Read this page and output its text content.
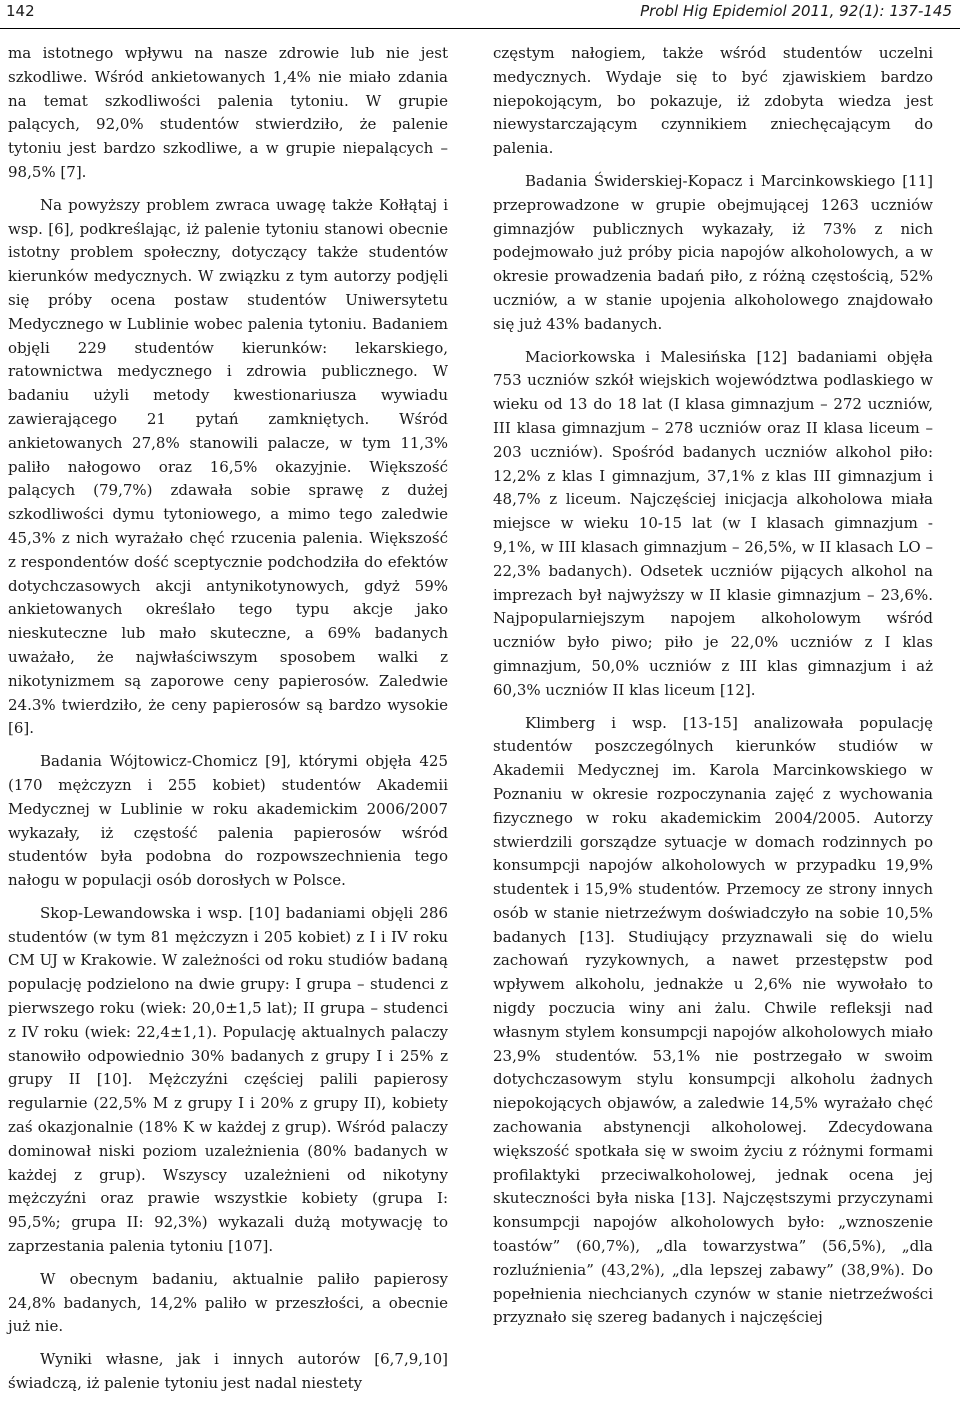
142	Probl Hig Epidemiol 2011, 92(1): 137-145

ma istotnego wpływu na nasze zdrowie lub nie jest szkodliwe. Wśród ankietowanych 1,4% nie miało zdania na temat szkodliwości palenia tytoniu. W grupie palących, 92,0% studentów stwierdziło, że palenie tytoniu jest bardzo szkodliwe, a w grupie niepalących – 98,5% [7].

Na powyższy problem zwraca uwagę także Kołłątaj i wsp. [6], podkreślając, iż palenie tytoniu stanowi obecnie istotny problem społeczny, dotyczący także studentów kierunków medycznych. W związku z tym autorzy podjęli się próby ocena postaw studentów Uniwersytetu Medycznego w Lublinie wobec palenia tytoniu. Badaniem objęli 229 studentów kierunków: lekarskiego, ratownictwa medycznego i zdrowia publicznego. W badaniu użyli metody kwestionariusza wywiadu zawierającego 21 pytań zamkniętych. Wśród ankietowanych 27,8% stanowili palacze, w tym 11,3% paliło nałogowo oraz 16,5% okazyjnie. Większość palących (79,7%) zdawała sobie sprawę z dużej szkodliwości dymu tytoniowego, a mimo tego zaledwie 45,3% z nich wyrażało chęć rzucenia palenia. Większość z respondentów dość sceptycznie podchodziła do efektów dotychczasowych akcji antynikotynowych, gdyż 59% ankietowanych określało tego typu akcje jako nieskuteczne lub mało skuteczne, a 69% badanych uważało, że najwłaściwszym sposobem walki z nikotynizmem są zaporowe ceny papierosów. Zaledwie 24.3% twierdziło, że ceny papierosów są bardzo wysokie [6].

Badania Wójtowicz-Chomicz [9], którymi objęła 425 (170 mężczyzn i 255 kobiet) studentów Akademii Medycznej w Lublinie w roku akademickim 2006/2007 wykazały, iż częstość palenia papierosów wśród studentów była podobna do rozpowszechnienia tego nałogu w populacji osób dorosłych w Polsce.

Skop-Lewandowska i wsp. [10] badaniami objęli 286 studentów (w tym 81 mężczyzn i 205 kobiet) z I i IV roku CM UJ w Krakowie. W zależności od roku studiów badaną populację podzielono na dwie grupy: I grupa – studenci z pierwszego roku (wiek: 20,0±1,5 lat); II grupa – studenci z IV roku (wiek: 22,4±1,1). Populację aktualnych palaczy stanowiło odpowiednio 30% badanych z grupy I i 25% z grupy II [10]. Mężczyźni częściej palili papierosy regularnie (22,5% M z grupy I i 20% z grupy II), kobiety zaś okazjonalnie (18% K w każdej z grup). Wśród palaczy dominował niski poziom uzależnienia (80% badanych w każdej z grup). Wszyscy uzależnieni od nikotyny mężczyźni oraz prawie wszystkie kobiety (grupa I: 95,5%; grupa II: 92,3%) wykazali dużą motywację to zaprzestania palenia tytoniu [107].

W obecnym badaniu, aktualnie paliło papierosy 24,8% badanych, 14,2% paliło w przeszłości, a obecnie już nie.

Wyniki własne, jak i innych autorów [6,7,9,10] świadczą, iż palenie tytoniu jest nadal niestety

częstym nałogiem, także wśród studentów uczelni medycznych. Wydaje się to być zjawiskiem bardzo niepokojącym, bo pokazuje, iż zdobyta wiedza jest niewystarczającym czynnikiem zniechęcającym do palenia.

Badania Świderskiej-Kopacz i Marcinkowskiego [11] przeprowadzone w grupie obejmującej 1263 uczniów gimnazjów publicznych wykazały, iż 73% z nich podejmowało już próby picia napojów alkoholowych, a w okresie prowadzenia badań piło, z różną częstością, 52% uczniów, a w stanie upojenia alkoholowego znajdowało się już 43% badanych.

Maciorkowska i Malesińska [12] badaniami objęła 753 uczniów szkół wiejskich województwa podlaskiego w wieku od 13 do 18 lat (I klasa gimnazjum – 272 uczniów, III klasa gimnazjum – 278 uczniów oraz II klasa liceum – 203 uczniów). Spośród badanych uczniów alkohol piło: 12,2% z klas I gimnazjum, 37,1% z klas III gimnazjum i 48,7% z liceum. Najczęściej inicjacja alkoholowa miała miejsce w wieku 10-15 lat (w I klasach gimnazjum - 9,1%, w III klasach gimnazjum – 26,5%, w II klasach LO – 22,3% badanych). Odsetek uczniów pijących alkohol na imprezach był najwyższy w II klasie gimnazjum – 23,6%. Najpopularniejszym napojem alkoholowym wśród uczniów było piwo; piło je 22,0% uczniów z I klas gimnazjum, 50,0% uczniów z III klas gimnazjum i aż 60,3% uczniów II klas liceum [12].

Klimberg i wsp. [13-15] analizowała populację studentów poszczególnych kierunków studiów w Akademii Medycznej im. Karola Marcinkowskiego w Poznaniu w okresie rozpoczynania zajęć z wychowania fizycznego w roku akademickim 2004/2005. Autorzy stwierdzili gorsządze sytuacje w domach rodzinnych po konsumpcji napojów alkoholowych w przypadku 19,9% studentek i 15,9% studentów. Przemocy ze strony innych osób w stanie nietrzeźwym doświadczyło na sobie 10,5% badanych [13]. Studiujący przyznawali się do wielu zachowań ryzykownych, a nawet przestępstw pod wpływem alkoholu, jednakże u 2,6% nie wywołało to nigdy poczucia winy ani żalu. Chwile refleksji nad własnym stylem konsumpcji napojów alkoholowych miało 23,9% studentów. 53,1% nie postrzegało w swoim dotychczasowym stylu konsumpcji alkoholu żadnych niepokojących objawów, a zaledwie 14,5% wyrażało chęć zachowania abstynencji alkoholowej. Zdecydowana większość spotkała się w swoim życiu z różnymi formami profilaktyki przeciwalkoholowej, jednak ocena jej skuteczności była niska [13]. Najczęstszymi przyczynami konsumpcji napojów alkoholowych było: „wznoszenie toastów” (60,7%), „dla towarzystwa” (56,5%), „dla rozluźnienia” (43,2%), „dla lepszej zabawy” (38,9%). Do popełnienia niechcianych czynów w stanie nietrzeźwości przyznało się szereg badanych i najczęściej
